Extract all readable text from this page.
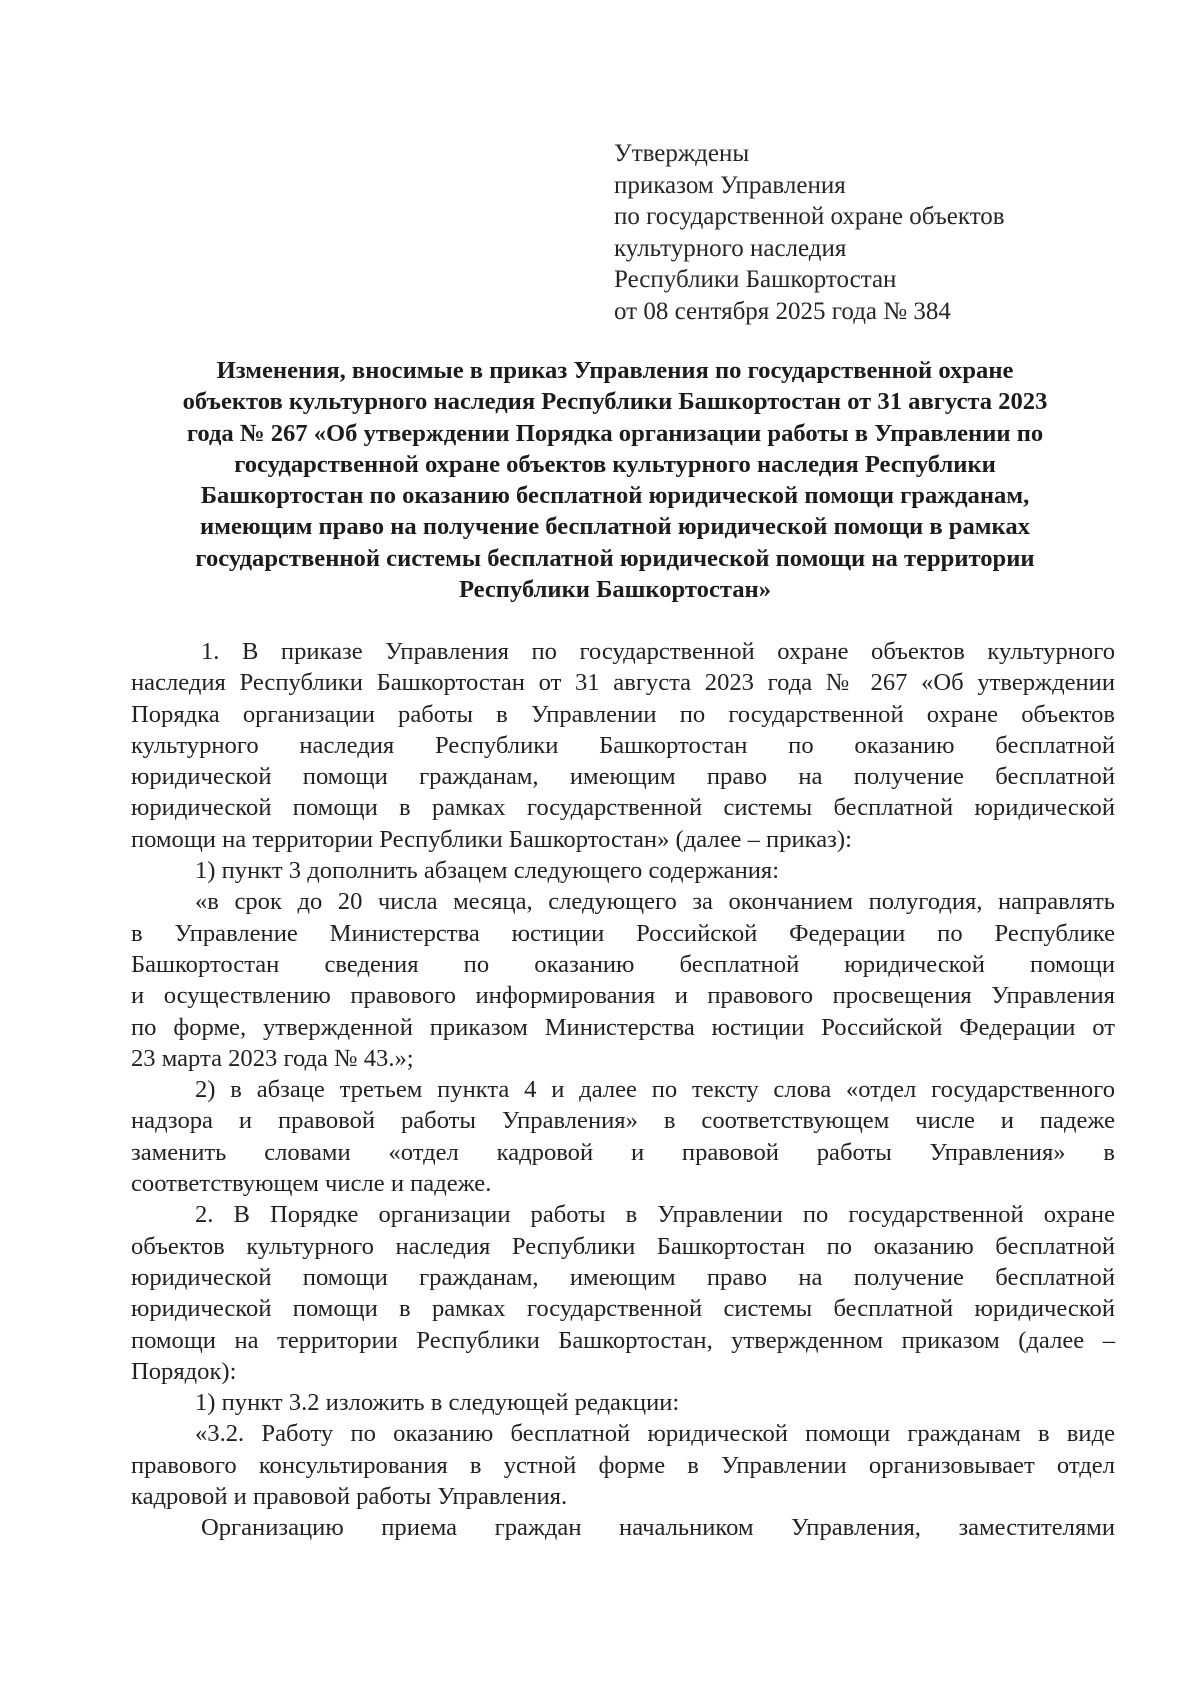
Утверждены
приказом Управления
по государственной охране объектов
культурного наследия
Республики Башкортостан
от 08 сентября 2025 года № 384
Изменения, вносимые в приказ Управления по государственной охране
объектов культурного наследия Республики Башкортостан от 31 августа 2023
года № 267 «Об утверждении Порядка организации работы в Управлении по
государственной охране объектов культурного наследия Республики
Башкортостан по оказанию бесплатной юридической помощи гражданам,
имеющим право на получение бесплатной юридической помощи в рамках
государственной системы бесплатной юридической помощи на территории
Республики Башкортостан»
1. В приказе Управления по государственной охране объектов культурного
наследия Республики Башкортостан от 31 августа 2023 года № 267 «Об утверждении
Порядка организации работы в Управлении по государственной охране объектов
культурного наследия Республики Башкортостан по оказанию бесплатной
юридической помощи гражданам, имеющим право на получение бесплатной
юридической помощи в рамках государственной системы бесплатной юридической
помощи на территории Республики Башкортостан» (далее – приказ):
1) пункт 3 дополнить абзацем следующего содержания:
«в срок до 20 числа месяца, следующего за окончанием полугодия, направлять
в Управление Министерства юстиции Российской Федерации по Республике
Башкортостан сведения по оказанию бесплатной юридической помощи
и осуществлению правового информирования и правового просвещения Управления
по форме, утвержденной приказом Министерства юстиции Российской Федерации от
23 марта 2023 года № 43.»;
2) в абзаце третьем пункта 4 и далее по тексту слова «отдел государственного
надзора и правовой работы Управления» в соответствующем числе и падеже
заменить словами «отдел кадровой и правовой работы Управления» в
соответствующем числе и падеже.
2. В Порядке организации работы в Управлении по государственной охране
объектов культурного наследия Республики Башкортостан по оказанию бесплатной
юридической помощи гражданам, имеющим право на получение бесплатной
юридической помощи в рамках государственной системы бесплатной юридической
помощи на территории Республики Башкортостан, утвержденном приказом (далее –
Порядок):
1) пункт 3.2 изложить в следующей редакции:
«3.2. Работу по оказанию бесплатной юридической помощи гражданам в виде
правового консультирования в устной форме в Управлении организовывает отдел
кадровой и правовой работы Управления.
Организацию приема граждан начальником Управления, заместителями
